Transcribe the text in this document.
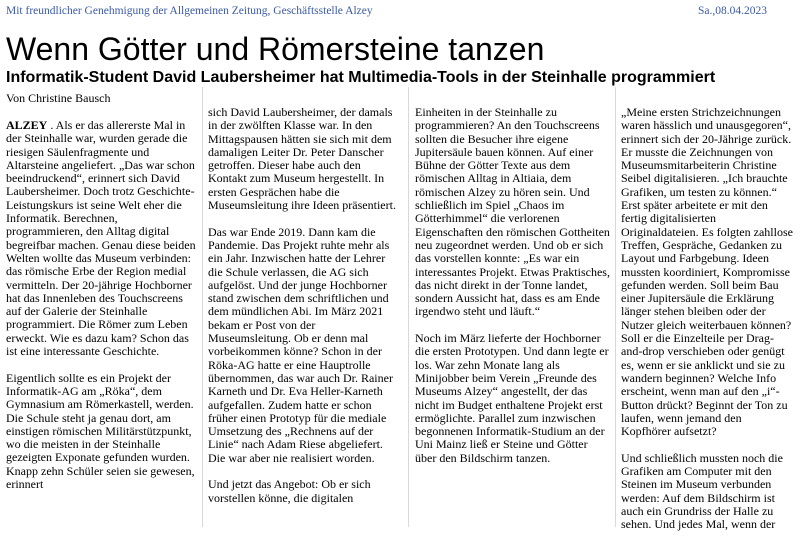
Mit freundlicher Genehmigung der Allgemeinen Zeitung, Geschäftsstelle Alzey	Sa.,08.04.2023
Wenn Götter und Römersteine tanzen
Informatik-Student David Laubersheimer hat Multimedia-Tools in der Steinhalle programmiert
Von Christine Bausch

ALZEY . Als er das allererste Mal in der Steinhalle war, wurden gerade die riesigen Säulenfragmente und Altarsteine angeliefert. „Das war schon beeindruckend“, erinnert sich David Laubersheimer. Doch trotz Geschichte-Leistungskurs ist seine Welt eher die Informatik. Berechnen, programmieren, den Alltag digital begreifbar machen. Genau diese beiden Welten wollte das Museum verbinden: das römische Erbe der Region medial vermitteln. Der 20-jährige Hochborner hat das Innenleben des Touchscreens auf der Galerie der Steinhalle programmiert. Die Römer zum Leben erweckt. Wie es dazu kam? Schon das ist eine interessante Geschichte.

Eigentlich sollte es ein Projekt der Informatik-AG am „Röka“, dem Gymnasium am Römerkastell, werden. Die Schule steht ja genau dort, am einstigen römischen Militärstützpunkt, wo die meisten in der Steinhalle gezeigten Exponate gefunden wurden. Knapp zehn Schüler seien sie gewesen, erinnert

sich David Laubersheimer, der damals in der zwölften Klasse war. In den Mittagspausen hätten sie sich mit dem damaligen Leiter Dr. Peter Danscher getroffen. Dieser habe auch den Kontakt zum Museum hergestellt. In ersten Gesprächen habe die Museumsleitung ihre Ideen präsentiert.

Das war Ende 2019. Dann kam die Pandemie. Das Projekt ruhte mehr als ein Jahr. Inzwischen hatte der Lehrer die Schule verlassen, die AG sich aufgelöst. Und der junge Hochborner stand zwischen dem schriftlichen und dem mündlichen Abi. Im März 2021 bekam er Post von der Museumsleitung. Ob er denn mal vorbeikommen könne? Schon in der Röka-AG hatte er eine Hauptrolle übernommen, das war auch Dr. Rainer Karneth und Dr. Eva Heller-Karneth aufgefallen. Zudem hatte er schon früher einen Prototyp für die mediale Umsetzung des „Rechnens auf der Linie“ nach Adam Riese abgeliefert. Die war aber nie realisiert worden.

Und jetzt das Angebot: Ob er sich vorstellen könne, die digitalen

Einheiten in der Steinhalle zu programmieren? An den Touchscreens sollten die Besucher ihre eigene Jupitersäule bauen können. Auf einer Bühne der Götter Texte aus dem römischen Alltag in Altiaia, dem römischen Alzey zu hören sein. Und schließlich im Spiel „Chaos im Götterhimmel“ die verlorenen Eigenschaften den römischen Gottheiten neu zugeordnet werden. Und ob er sich das vorstellen konnte: „Es war ein interessantes Projekt. Etwas Praktisches, das nicht direkt in der Tonne landet, sondern Aussicht hat, dass es am Ende irgendwo steht und läuft.“

Noch im März lieferte der Hochborner die ersten Prototypen. Und dann legte er los. War zehn Monate lang als Minijobber beim Verein „Freunde des Museums Alzey“ angestellt, der das nicht im Budget enthaltene Projekt erst ermöglichte. Parallel zum inzwischen begonnenen Informatik-Studium an der Uni Mainz ließ er Steine und Götter über den Bildschirm tanzen.

„Meine ersten Strichzeichnungen waren hässlich und unausgegoren“, erinnert sich der 20-Jährige zurück. Er musste die Zeichnungen von Museumsmitarbeiterin Christine Seibel digitalisieren. „Ich brauchte Grafiken, um testen zu können.“ Erst später arbeitete er mit den fertig digitalisierten Originaldateien. Es folgten zahllose Treffen, Gespräche, Gedanken zu Layout und Farbgebung. Ideen mussten koordiniert, Kompromisse gefunden werden. Soll beim Bau einer Jupitersäule die Erklärung länger stehen bleiben oder der Nutzer gleich weiterbauen können? Soll er die Einzelteile per Drag-and-drop verschieben oder genügt es, wenn er sie anklickt und sie zu wandern beginnen? Welche Info erscheint, wenn man auf den „i“-Button drückt? Beginnt der Ton zu laufen, wenn jemand den Kopfhörer aufsetzt?

Und schließlich mussten noch die Grafiken am Computer mit den Steinen im Museum verbunden werden: Auf dem Bildschirm ist auch ein Grundriss der Halle zu sehen. Und jedes Mal, wenn der
